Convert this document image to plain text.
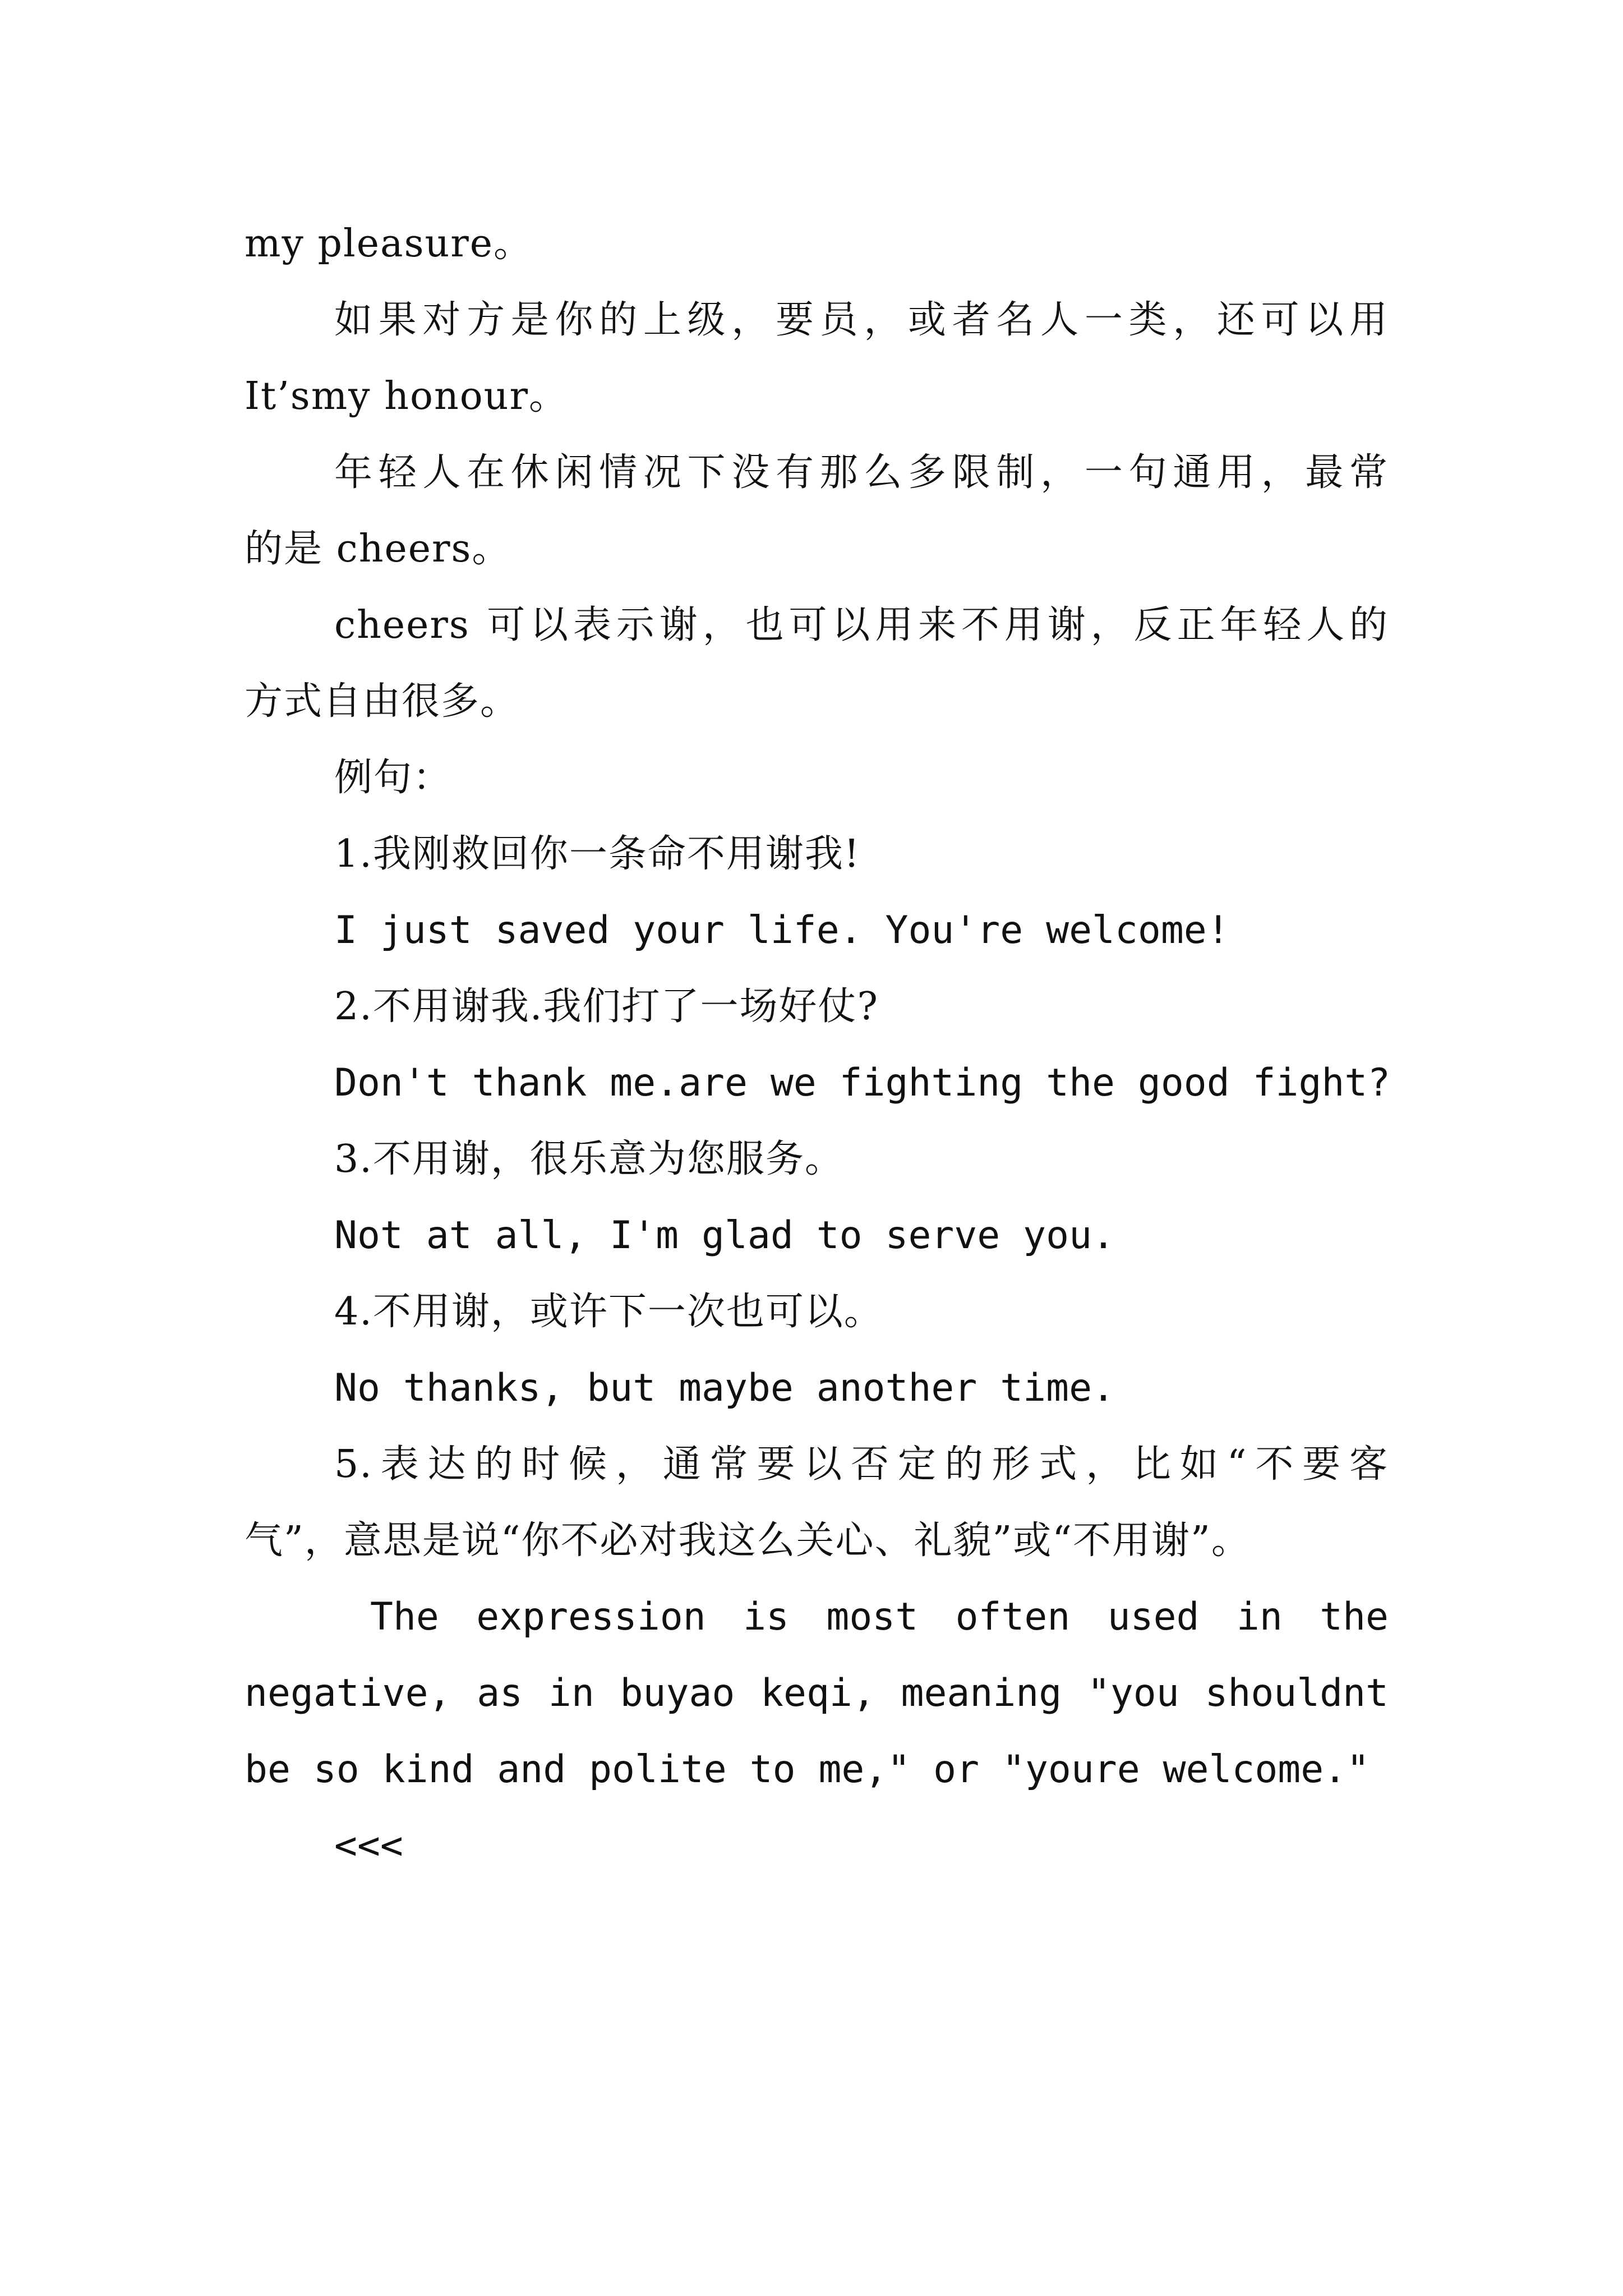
my pleasure。
如果对方是你的上级，要员，或者名人一类，还可以用
It’smy honour。
年轻人在休闲情况下没有那么多限制，一句通用，最常
的是 cheers。
cheers 可以表示谢，也可以用来不用谢，反正年轻人的
方式自由很多。
例句：
1.我刚救回你一条命不用谢我!
I just saved your life. You're welcome!
2.不用谢我.我们打了一场好仗?
Don't thank me.are we fighting the good fight?
3.不用谢，很乐意为您服务。
Not at all, I'm glad to serve you.
4.不用谢，或许下一次也可以。
No thanks, but maybe another time.
5.表达的时候，通常要以否定的形式，比如“不要客
气”，意思是说“你不必对我这么关心、礼貌”或“不用谢”。
The expression is most often used in the
negative, as in buyao keqi, meaning "you shouldnt
be so kind and polite to me," or "youre welcome."
<<<
